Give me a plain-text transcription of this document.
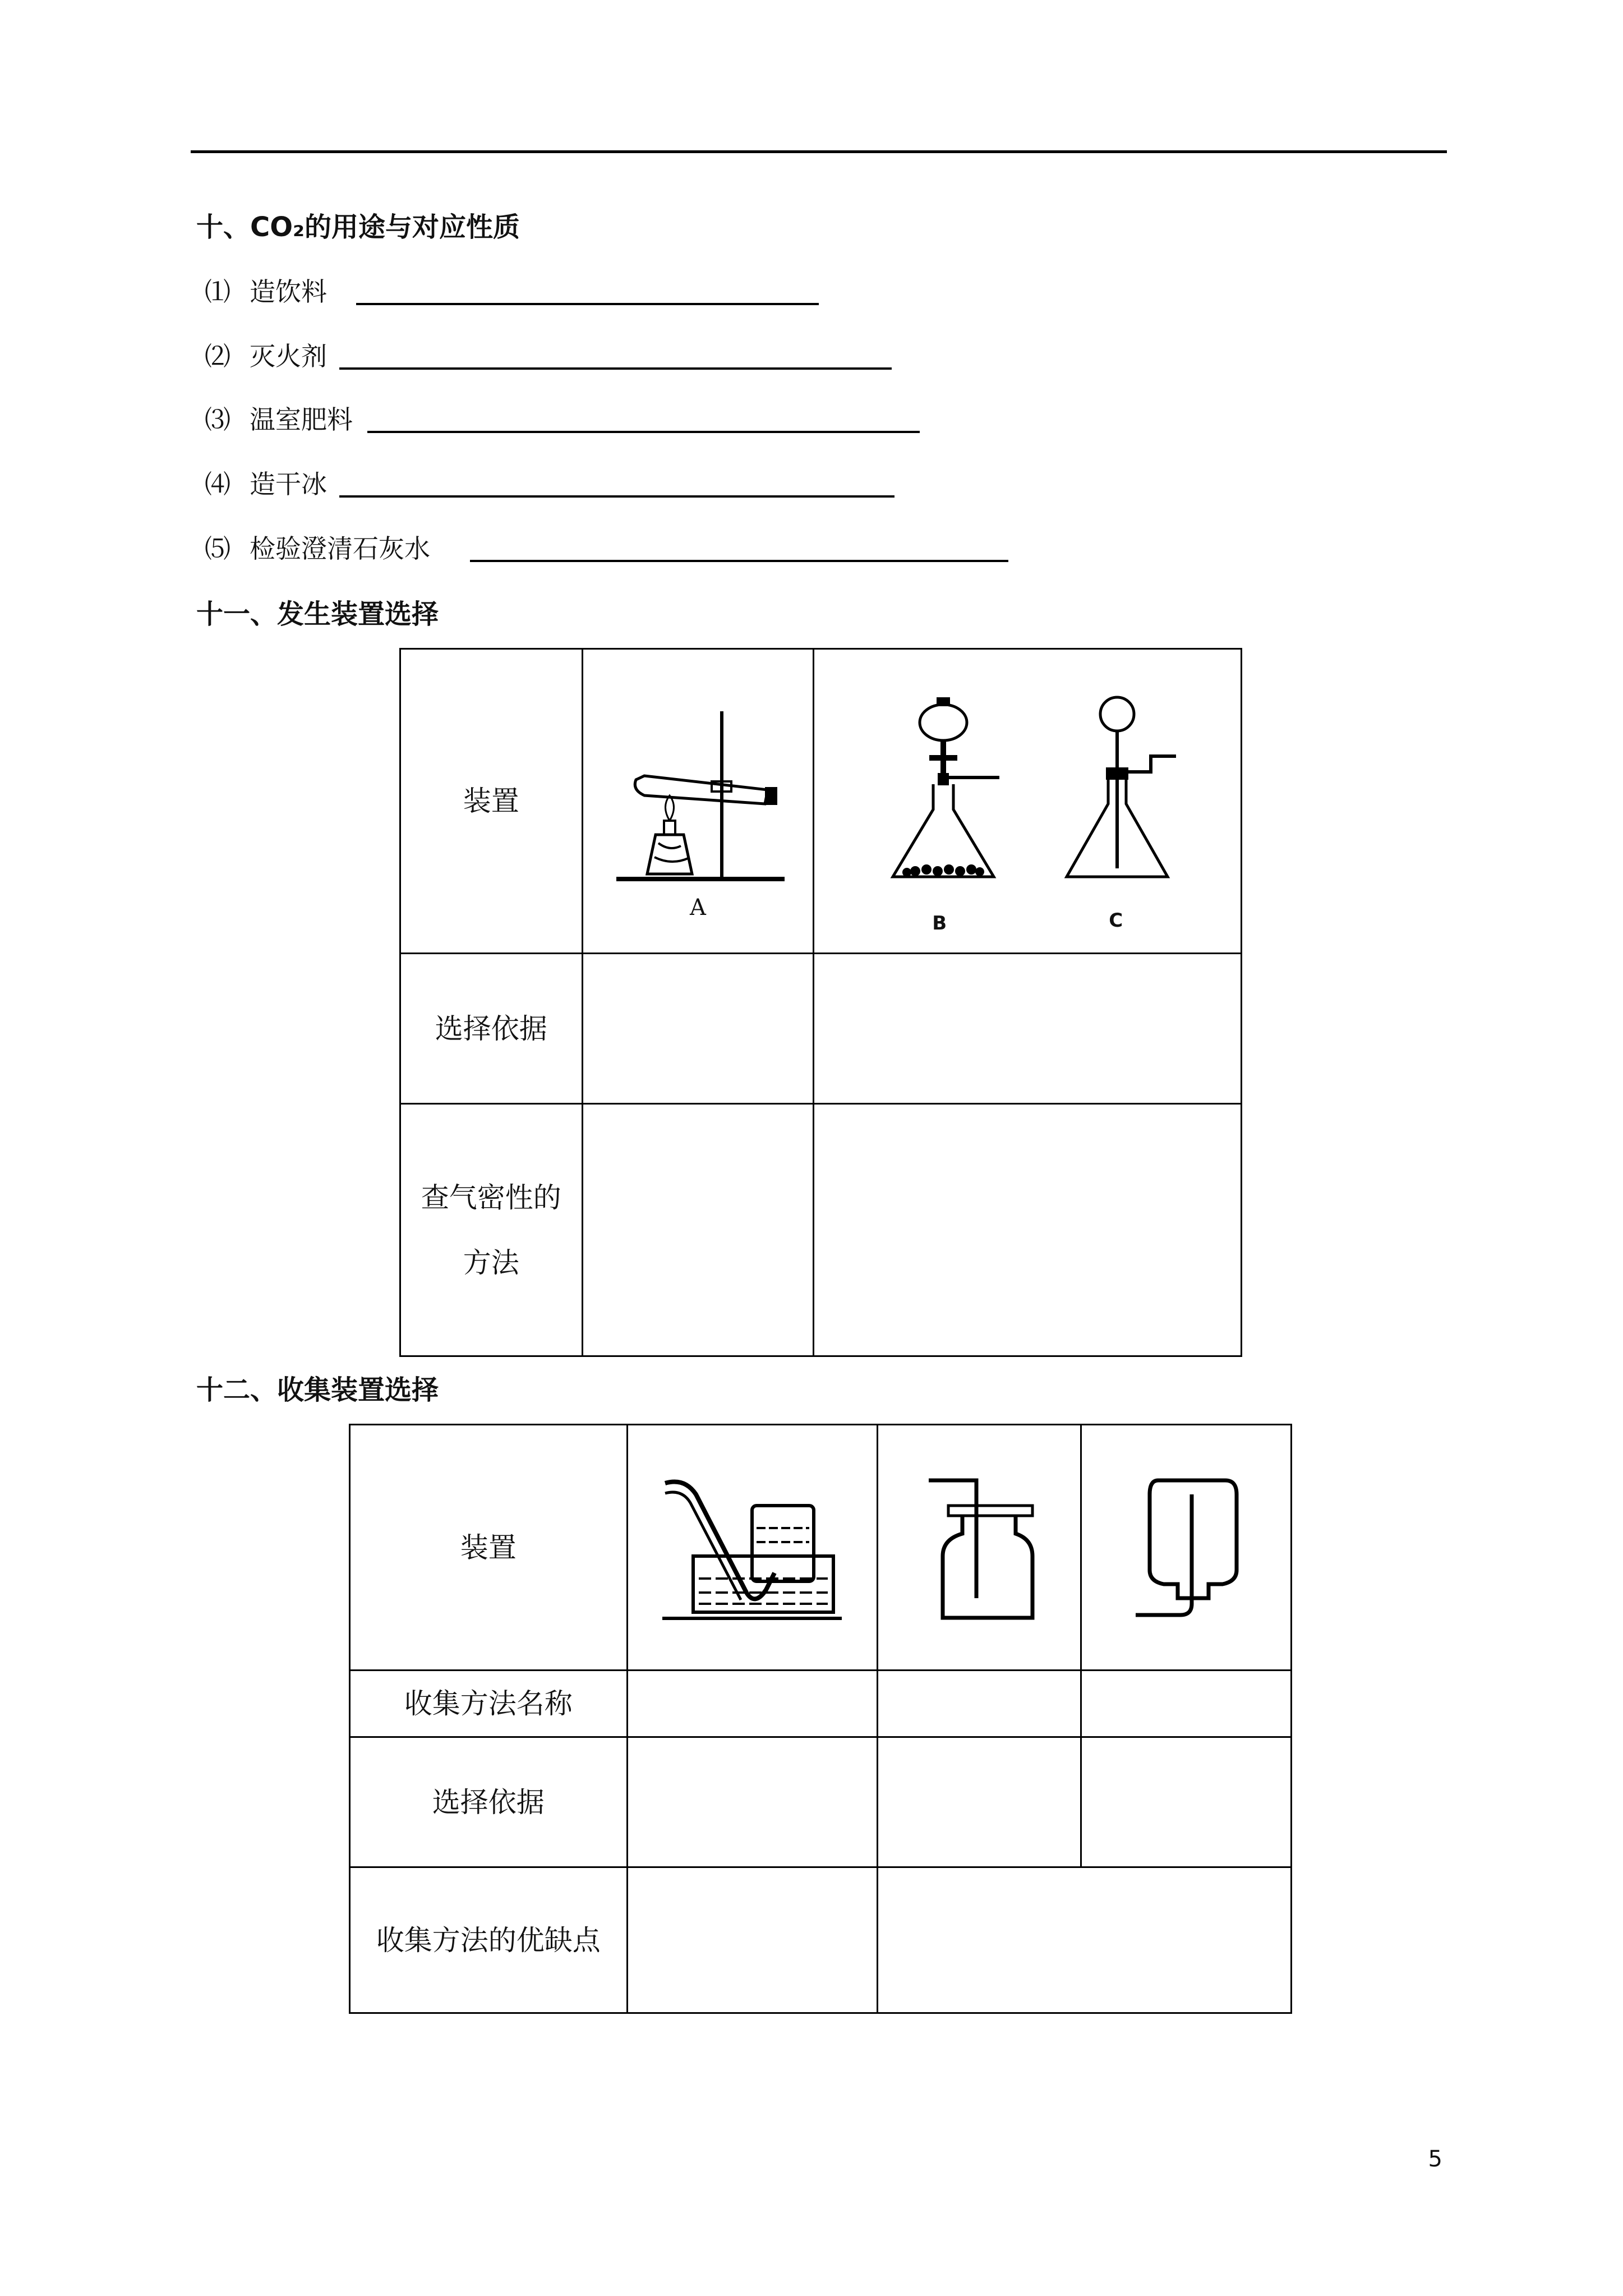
十、CO₂的用途与对应性质
⑴ 造饮料
⑵ 灭火剂
⑶ 温室肥料
⑷ 造干冰
⑸ 检验澄清石灰水
十一、发生装置选择
装置	A	B C

选择依据		
查气密性的方法		
十二、收集装置选择
装置	

收集方法名称			
选择依据			
收集方法的优缺点			
5
